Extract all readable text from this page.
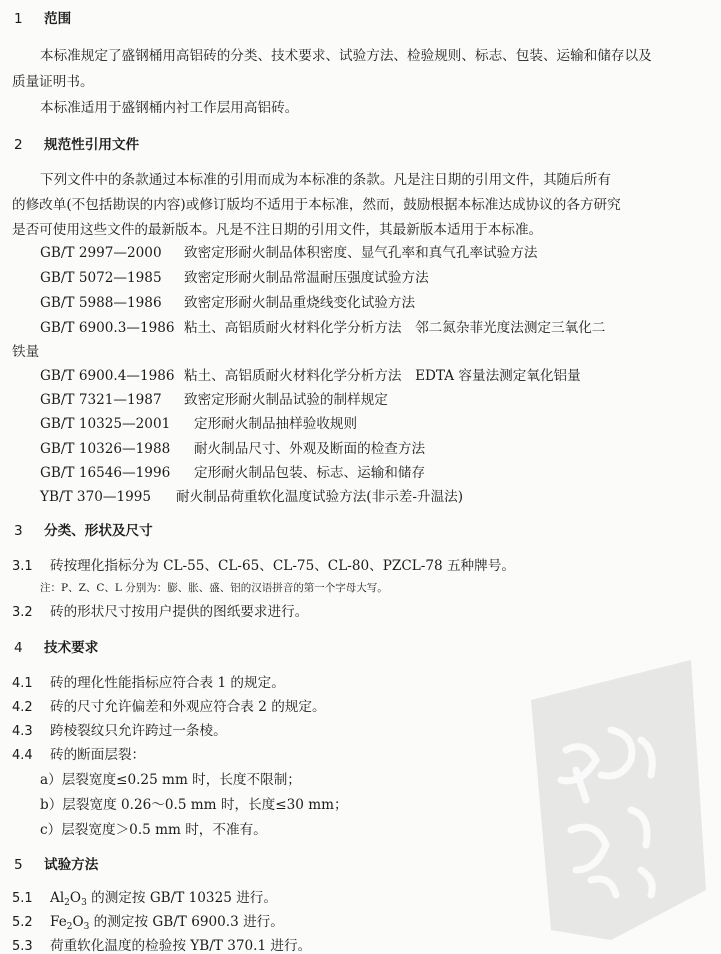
1 范围
本标准规定了盛钢桶用高铝砖的分类、技术要求、试验方法、检验规则、标志、包装、运输和储存以及
质量证明书。
本标准适用于盛钢桶内衬工作层用高铝砖。
2 规范性引用文件
下列文件中的条款通过本标准的引用而成为本标准的条款。凡是注日期的引用文件，其随后所有
的修改单(不包括勘误的内容)或修订版均不适用于本标准，然而，鼓励根据本标准达成协议的各方研究
是否可使用这些文件的最新版本。凡是不注日期的引用文件，其最新版本适用于本标准。
GB/T 2997—2000 致密定形耐火制品体积密度、显气孔率和真气孔率试验方法
GB/T 5072—1985 致密定形耐火制品常温耐压强度试验方法
GB/T 5988—1986 致密定形耐火制品重烧线变化试验方法
GB/T 6900.3—1986 粘土、高铝质耐火材料化学分析方法　邻二氮杂菲光度法测定三氧化二
铁量
GB/T 6900.4—1986 粘土、高铝质耐火材料化学分析方法　EDTA 容量法测定氧化铝量
GB/T 7321—1987 致密定形耐火制品试验的制样规定
GB/T 10325—2001 定形耐火制品抽样验收规则
GB/T 10326—1988 耐火制品尺寸、外观及断面的检查方法
GB/T 16546—1996 定形耐火制品包装、标志、运输和储存
YB/T 370—1995 耐火制品荷重软化温度试验方法(非示差-升温法)
3 分类、形状及尺寸
3.1 砖按理化指标分为 CL-55、CL-65、CL-75、CL-80、PZCL-78 五种牌号。
注：P、Z、C、L 分别为：膨、胀、盛、铝的汉语拼音的第一个字母大写。
3.2 砖的形状尺寸按用户提供的图纸要求进行。
4 技术要求
4.1 砖的理化性能指标应符合表 1 的规定。
4.2 砖的尺寸允许偏差和外观应符合表 2 的规定。
4.3 跨棱裂纹只允许跨过一条棱。
4.4 砖的断面层裂：
a）层裂宽度≤0.25 mm 时，长度不限制；
b）层裂宽度 0.26～0.5 mm 时，长度≤30 mm；
c）层裂宽度＞0.5 mm 时，不准有。
5 试验方法
5.1 $Al_2O_3$ 的测定按 GB/T 10325 进行。
5.2 $Fe_2O_3$ 的测定按 GB/T 6900.3 进行。
5.3 荷重软化温度的检验按 YB/T 370.1 进行。
